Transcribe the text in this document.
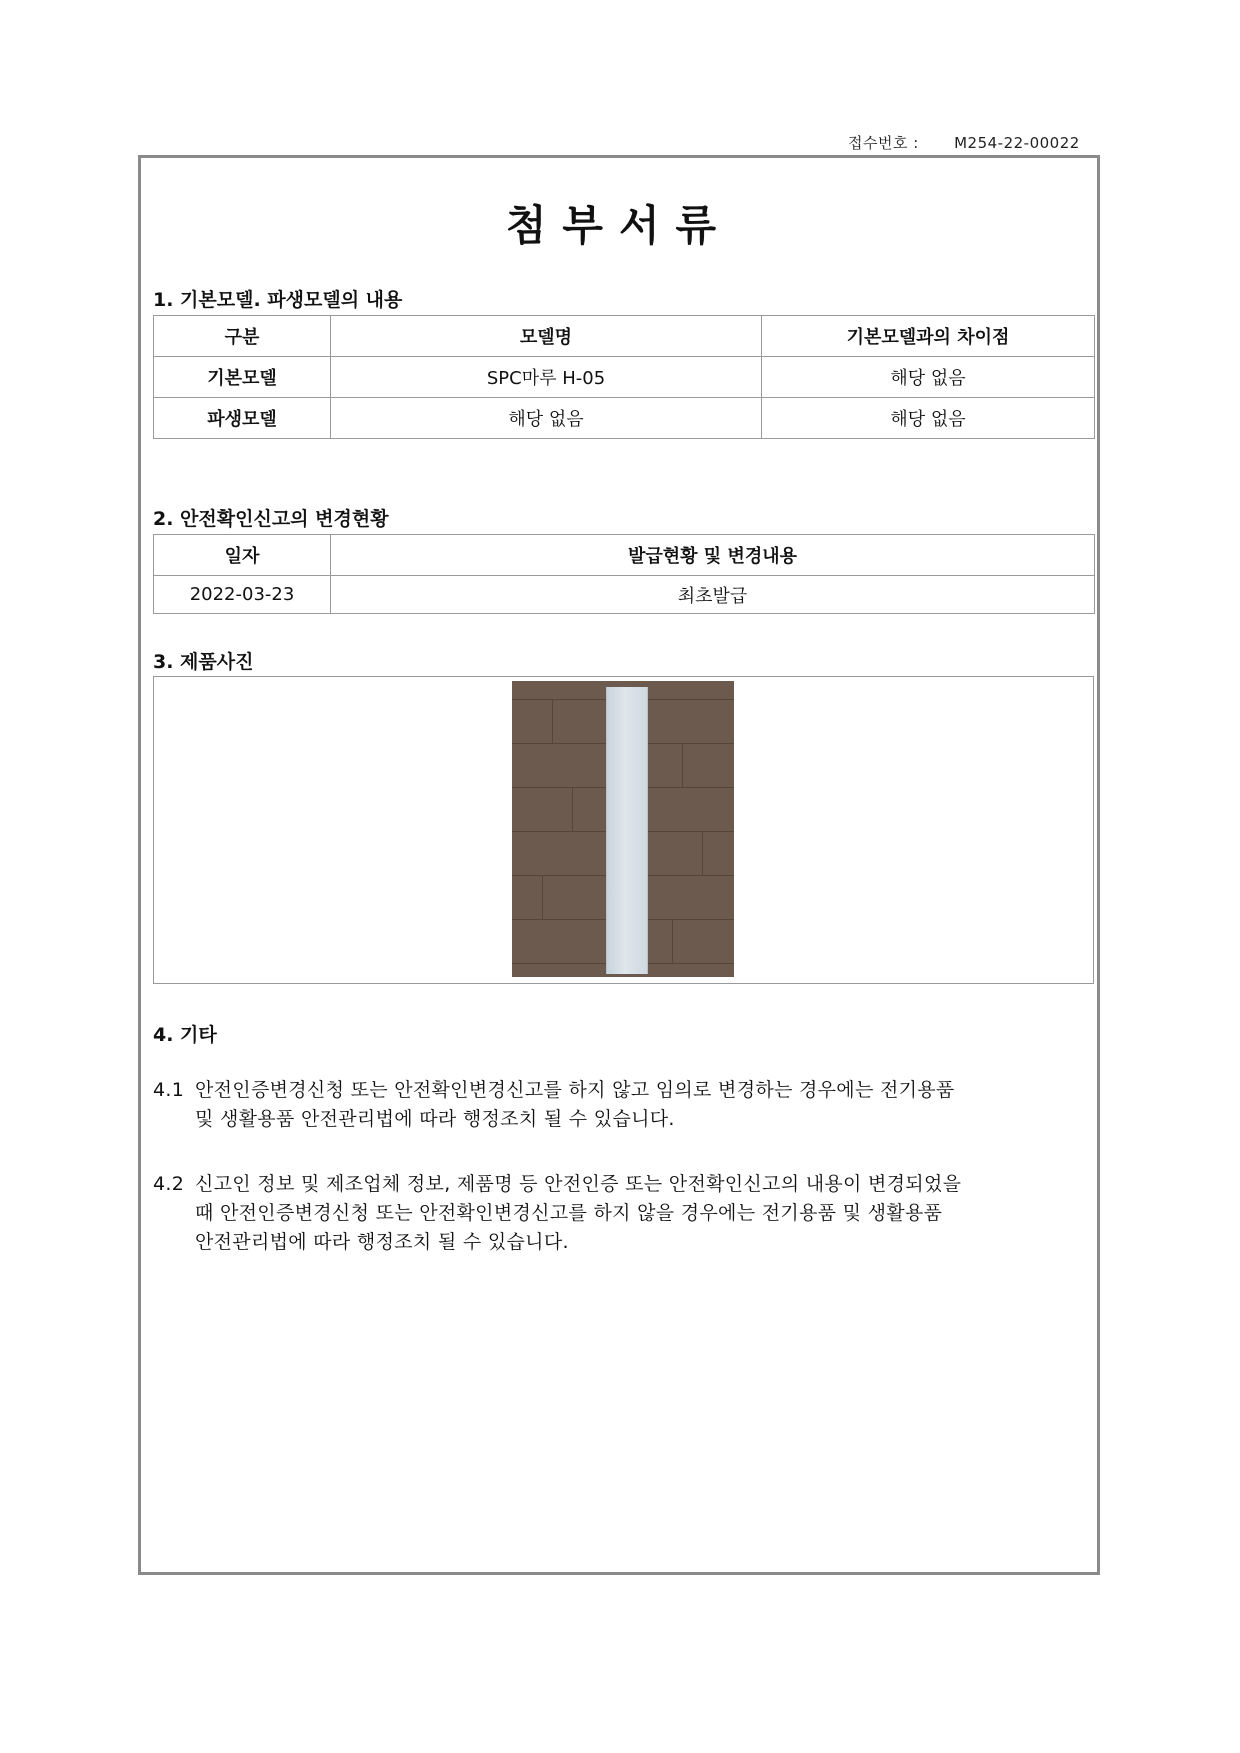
접수번호 : M254-22-00022
첨부서류
1. 기본모델. 파생모델의 내용
구분	모델명	기본모델과의 차이점
기본모델	SPC마루 H-05	해당 없음
파생모델	해당 없음	해당 없음
2. 안전확인신고의 변경현황
일자	발급현황 및 변경내용
2022-03-23	최초발급
3. 제품사진
4. 기타
4.1 안전인증변경신청 또는 안전확인변경신고를 하지 않고 임의로 변경하는 경우에는 전기용품
및 생활용품 안전관리법에 따라 행정조치 될 수 있습니다.
4.2 신고인 정보 및 제조업체 정보, 제품명 등 안전인증 또는 안전확인신고의 내용이 변경되었을
때 안전인증변경신청 또는 안전확인변경신고를 하지 않을 경우에는 전기용품 및 생활용품
안전관리법에 따라 행정조치 될 수 있습니다.
